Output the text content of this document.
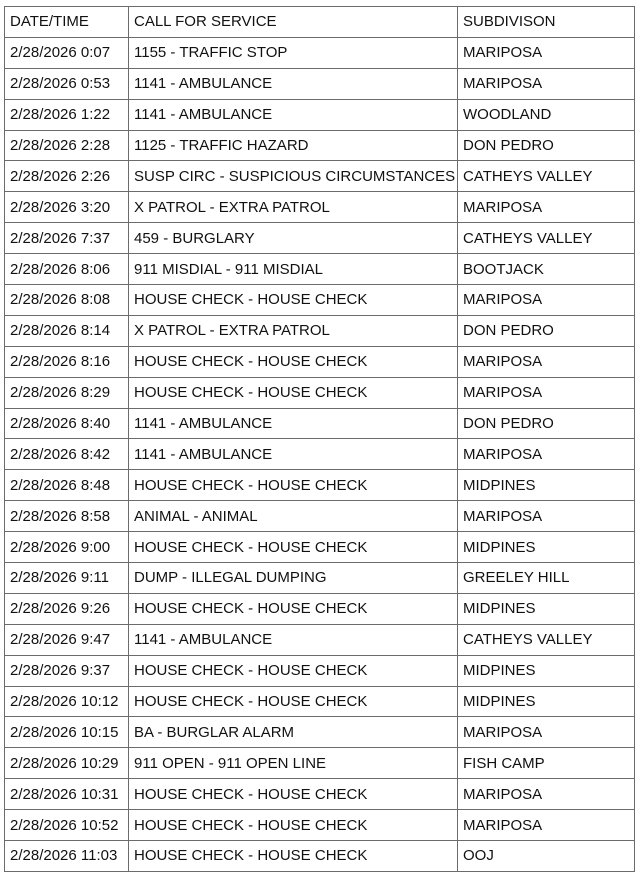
DATE/TIME	CALL FOR SERVICE	SUBDIVISON
2/28/2026 0:07	1155 - TRAFFIC STOP	MARIPOSA
2/28/2026 0:53	1141 - AMBULANCE	MARIPOSA
2/28/2026 1:22	1141 - AMBULANCE	WOODLAND
2/28/2026 2:28	1125 - TRAFFIC HAZARD	DON PEDRO
2/28/2026 2:26	SUSP CIRC - SUSPICIOUS CIRCUMSTANCES	CATHEYS VALLEY
2/28/2026 3:20	X PATROL - EXTRA PATROL	MARIPOSA
2/28/2026 7:37	459 - BURGLARY	CATHEYS VALLEY
2/28/2026 8:06	911 MISDIAL - 911 MISDIAL	BOOTJACK
2/28/2026 8:08	HOUSE CHECK - HOUSE CHECK	MARIPOSA
2/28/2026 8:14	X PATROL - EXTRA PATROL	DON PEDRO
2/28/2026 8:16	HOUSE CHECK - HOUSE CHECK	MARIPOSA
2/28/2026 8:29	HOUSE CHECK - HOUSE CHECK	MARIPOSA
2/28/2026 8:40	1141 - AMBULANCE	DON PEDRO
2/28/2026 8:42	1141 - AMBULANCE	MARIPOSA
2/28/2026 8:48	HOUSE CHECK - HOUSE CHECK	MIDPINES
2/28/2026 8:58	ANIMAL - ANIMAL	MARIPOSA
2/28/2026 9:00	HOUSE CHECK - HOUSE CHECK	MIDPINES
2/28/2026 9:11	DUMP - ILLEGAL DUMPING	GREELEY HILL
2/28/2026 9:26	HOUSE CHECK - HOUSE CHECK	MIDPINES
2/28/2026 9:47	1141 - AMBULANCE	CATHEYS VALLEY
2/28/2026 9:37	HOUSE CHECK - HOUSE CHECK	MIDPINES
2/28/2026 10:12	HOUSE CHECK - HOUSE CHECK	MIDPINES
2/28/2026 10:15	BA - BURGLAR ALARM	MARIPOSA
2/28/2026 10:29	911 OPEN - 911 OPEN LINE	FISH CAMP
2/28/2026 10:31	HOUSE CHECK - HOUSE CHECK	MARIPOSA
2/28/2026 10:52	HOUSE CHECK - HOUSE CHECK	MARIPOSA
2/28/2026 11:03	HOUSE CHECK - HOUSE CHECK	OOJ
